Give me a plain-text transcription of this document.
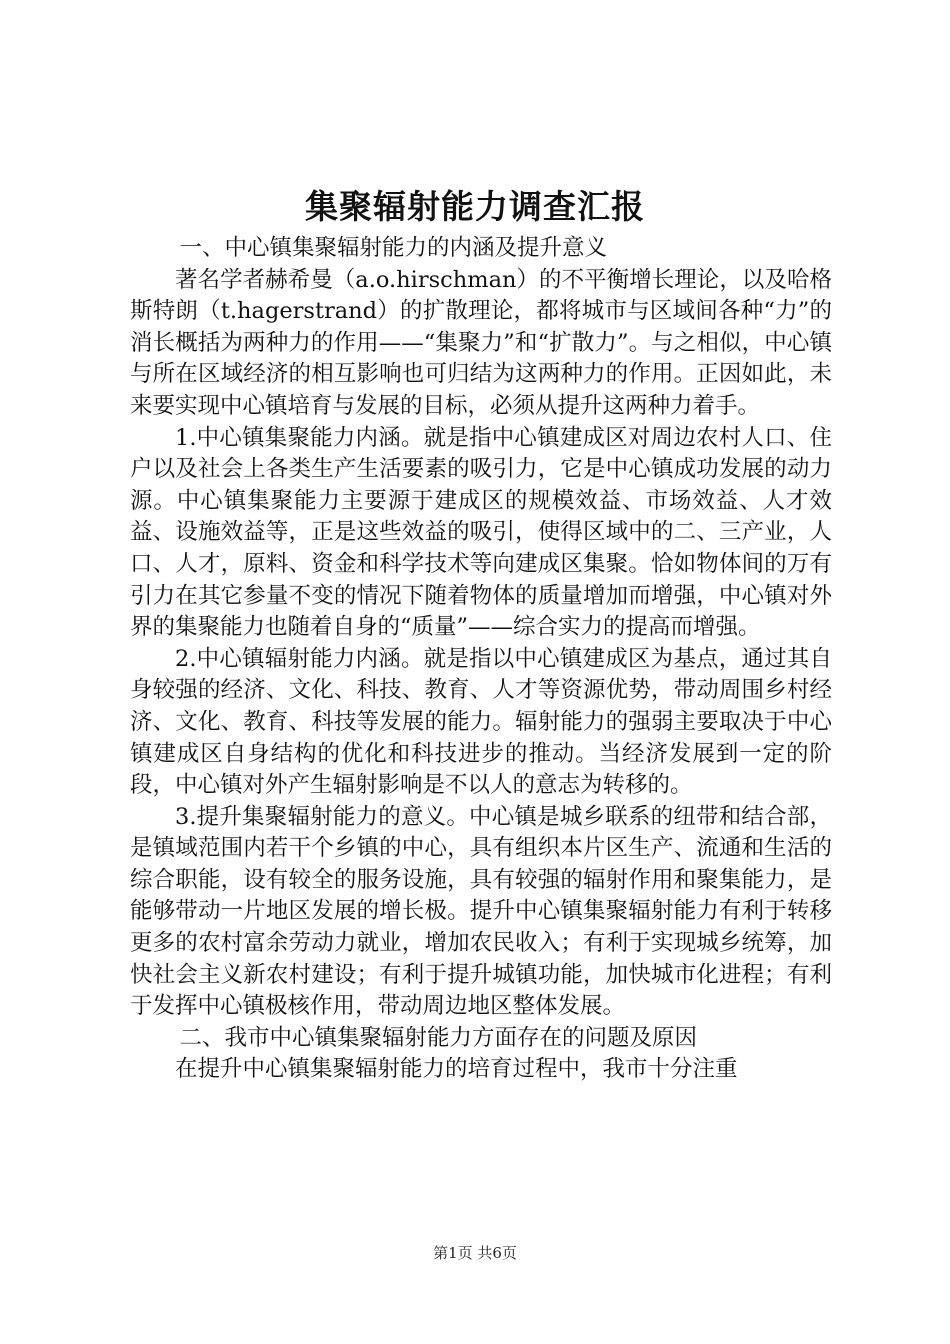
集聚辐射能力调查汇报

一、中心镇集聚辐射能力的内涵及提升意义

著名学者赫希曼（a.o.hirschman）的不平衡增长理论，以及哈格斯特朗（t.hagerstrand）的扩散理论，都将城市与区域间各种“力”的消长概括为两种力的作用——“集聚力”和“扩散力”。与之相似，中心镇与所在区域经济的相互影响也可归结为这两种力的作用。正因如此，未来要实现中心镇培育与发展的目标，必须从提升这两种力着手。

1.中心镇集聚能力内涵。就是指中心镇建成区对周边农村人口、住户以及社会上各类生产生活要素的吸引力，它是中心镇成功发展的动力源。中心镇集聚能力主要源于建成区的规模效益、市场效益、人才效益、设施效益等，正是这些效益的吸引，使得区域中的二、三产业，人口、人才，原料、资金和科学技术等向建成区集聚。恰如物体间的万有引力在其它参量不变的情况下随着物体的质量增加而增强，中心镇对外界的集聚能力也随着自身的“质量”——综合实力的提高而增强。

2.中心镇辐射能力内涵。就是指以中心镇建成区为基点，通过其自身较强的经济、文化、科技、教育、人才等资源优势，带动周围乡村经济、文化、教育、科技等发展的能力。辐射能力的强弱主要取决于中心镇建成区自身结构的优化和科技进步的推动。当经济发展到一定的阶段，中心镇对外产生辐射影响是不以人的意志为转移的。

3.提升集聚辐射能力的意义。中心镇是城乡联系的纽带和结合部，是镇域范围内若干个乡镇的中心，具有组织本片区生产、流通和生活的综合职能，设有较全的服务设施，具有较强的辐射作用和聚集能力，是能够带动一片地区发展的增长极。提升中心镇集聚辐射能力有利于转移更多的农村富余劳动力就业，增加农民收入；有利于实现城乡统筹，加快社会主义新农村建设；有利于提升城镇功能，加快城市化进程；有利于发挥中心镇极核作用，带动周边地区整体发展。

二、我市中心镇集聚辐射能力方面存在的问题及原因

在提升中心镇集聚辐射能力的培育过程中，我市十分注重

第1页 共6页
